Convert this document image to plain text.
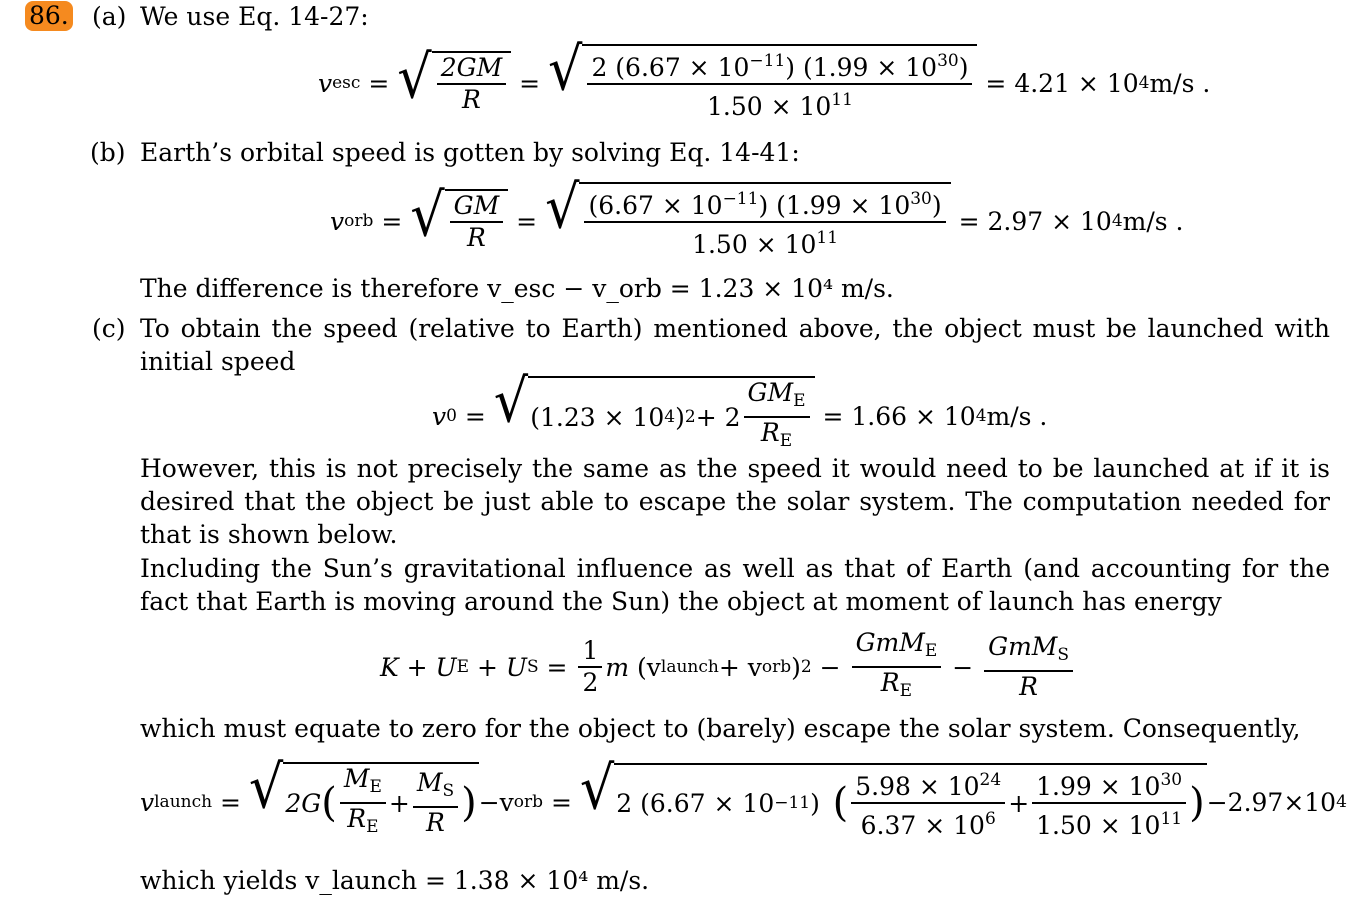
86. (a) We use Eq. 14-27:
v esc = √ $\frac{2GM}{R}$ = √ $\frac{2 (6.67 \times 10^{-11}) (1.99 \times 10^{30})}{1.50 \times 10^{11}}$
= 4.21 × 10 4 m/s .
(b) Earth’s orbital speed is gotten by solving Eq. 14-41:
v orb = √ $\frac{GM}{R}$ = √ $\frac{(6.67 \times 10^{-11}) (1.99 \times 10^{30})}{1.50 \times 10^{11}}$
= 2.97 × 10 4 m/s .
The difference is therefore v_esc − v_orb = 1.23 × 10⁴ m/s.
(c) To obtain the speed (relative to Earth) mentioned above, the object must be launched with initial speed
v 0 = √ (1.23 × 10 4 ) $2 + 2 \frac{GM_E}{R_E}$
= 1.66 × 10 4 m/s .
However, this is not precisely the same as the speed it would need to be launched at if it is desired that the object be just able to escape the solar system. The computation needed for that is shown below.
Including the Sun’s gravitational influence as well as that of Earth (and accounting for the fact that Earth is moving around the Sun) the object at moment of launch has energy
K + U E + U $S = \frac{1}{2}$ m
(v launch + v orb ) $2 - \frac{GmM_E}{R_E} - \frac{GmM_S}{R}$
which must equate to zero for the object to (barely) escape the solar system. Consequently,
v launch = √ 2G ( $\frac{M_E}{R_E} + \frac{M_S}{R}$ ) −v orb = √ 2 (6.67 × 10 −11 ) ( $\frac{5.98 \times 10^{24}}{6.37 \times 10^6} + \frac{1.99 \times 10^{30}}{1.50 \times 10^{11}}$ ) −2.97×10 4
which yields v_launch = 1.38 × 10⁴ m/s.
